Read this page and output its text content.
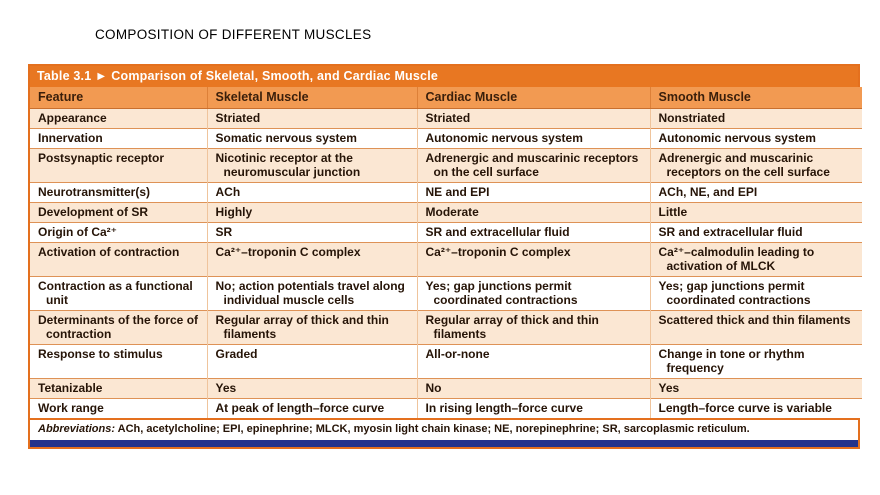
COMPOSITION OF DIFFERENT MUSCLES
Table 3.1 ► Comparison of Skeletal, Smooth, and Cardiac Muscle
Feature	Skeletal Muscle	Cardiac Muscle	Smooth Muscle
Appearance	Striated	Striated	Nonstriated
Innervation	Somatic nervous system	Autonomic nervous system	Autonomic nervous system
Postsynaptic receptor	Nicotinic receptor at the neuromuscular junction	Adrenergic and muscarinic receptors on the cell surface	Adrenergic and muscarinic receptors on the cell surface
Neurotransmitter(s)	ACh	NE and EPI	ACh, NE, and EPI
Development of SR	Highly	Moderate	Little
Origin of Ca²⁺	SR	SR and extracellular fluid	SR and extracellular fluid
Activation of contraction	Ca²⁺–troponin C complex	Ca²⁺–troponin C complex	Ca²⁺–calmodulin leading to activation of MLCK
Contraction as a functional unit	No; action potentials travel along individual muscle cells	Yes; gap junctions permit coordinated contractions	Yes; gap junctions permit coordinated contractions
Determinants of the force of contraction	Regular array of thick and thin filaments	Regular array of thick and thin filaments	Scattered thick and thin filaments
Response to stimulus	Graded	All-or-none	Change in tone or rhythm frequency
Tetanizable	Yes	No	Yes
Work range	At peak of length–force curve	In rising length–force curve	Length–force curve is variable
Abbreviations: ACh, acetylcholine; EPI, epinephrine; MLCK, myosin light chain kinase; NE, norepinephrine; SR, sarcoplasmic reticulum.
